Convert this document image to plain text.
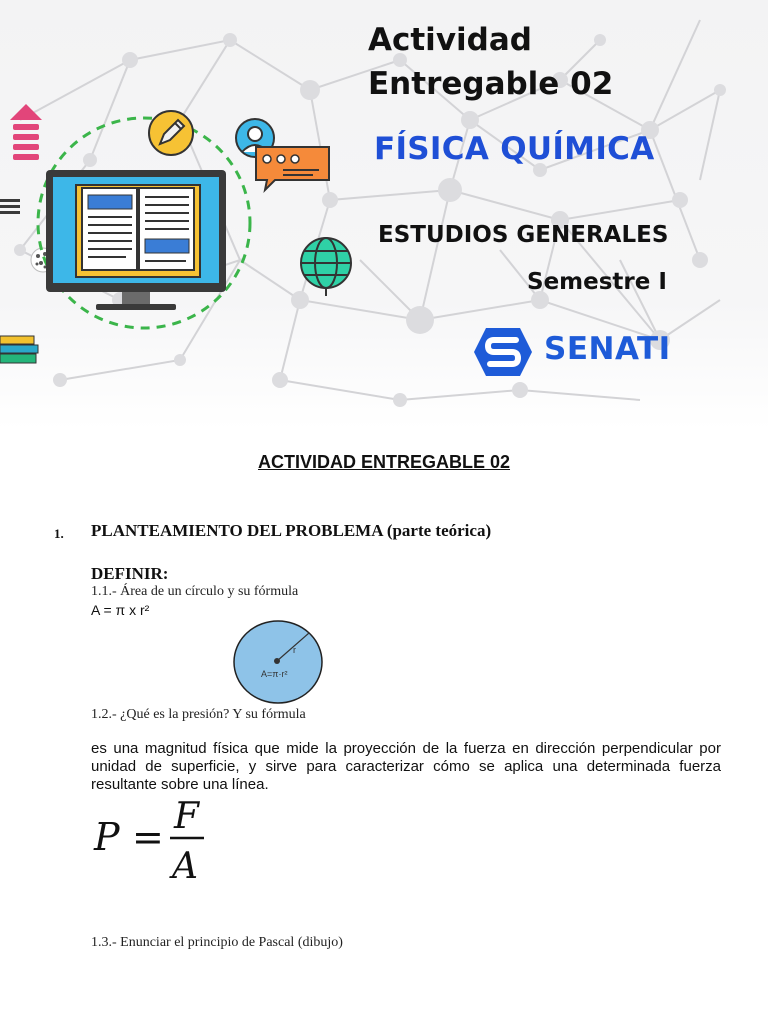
Actividad
Entregable 02
FÍSICA QUÍMICA
ESTUDIOS GENERALES
Semestre I
SENATI
ACTIVIDAD ENTREGABLE 02
1. PLANTEAMIENTO DEL PROBLEMA (parte teórica)
DEFINIR:
1.1.- Área de un círculo y su fórmula
A = π x r²
r
A=π·r²
1.2.- ¿Qué es la presión? Y su fórmula

es una magnitud física que mide la proyección de la fuerza en dirección perpendicular por unidad de superficie, y sirve para caracterizar cómo se aplica una determinada fuerza resultante sobre una línea.

P = F
A
1.3.- Enunciar el principio de Pascal (dibujo)
